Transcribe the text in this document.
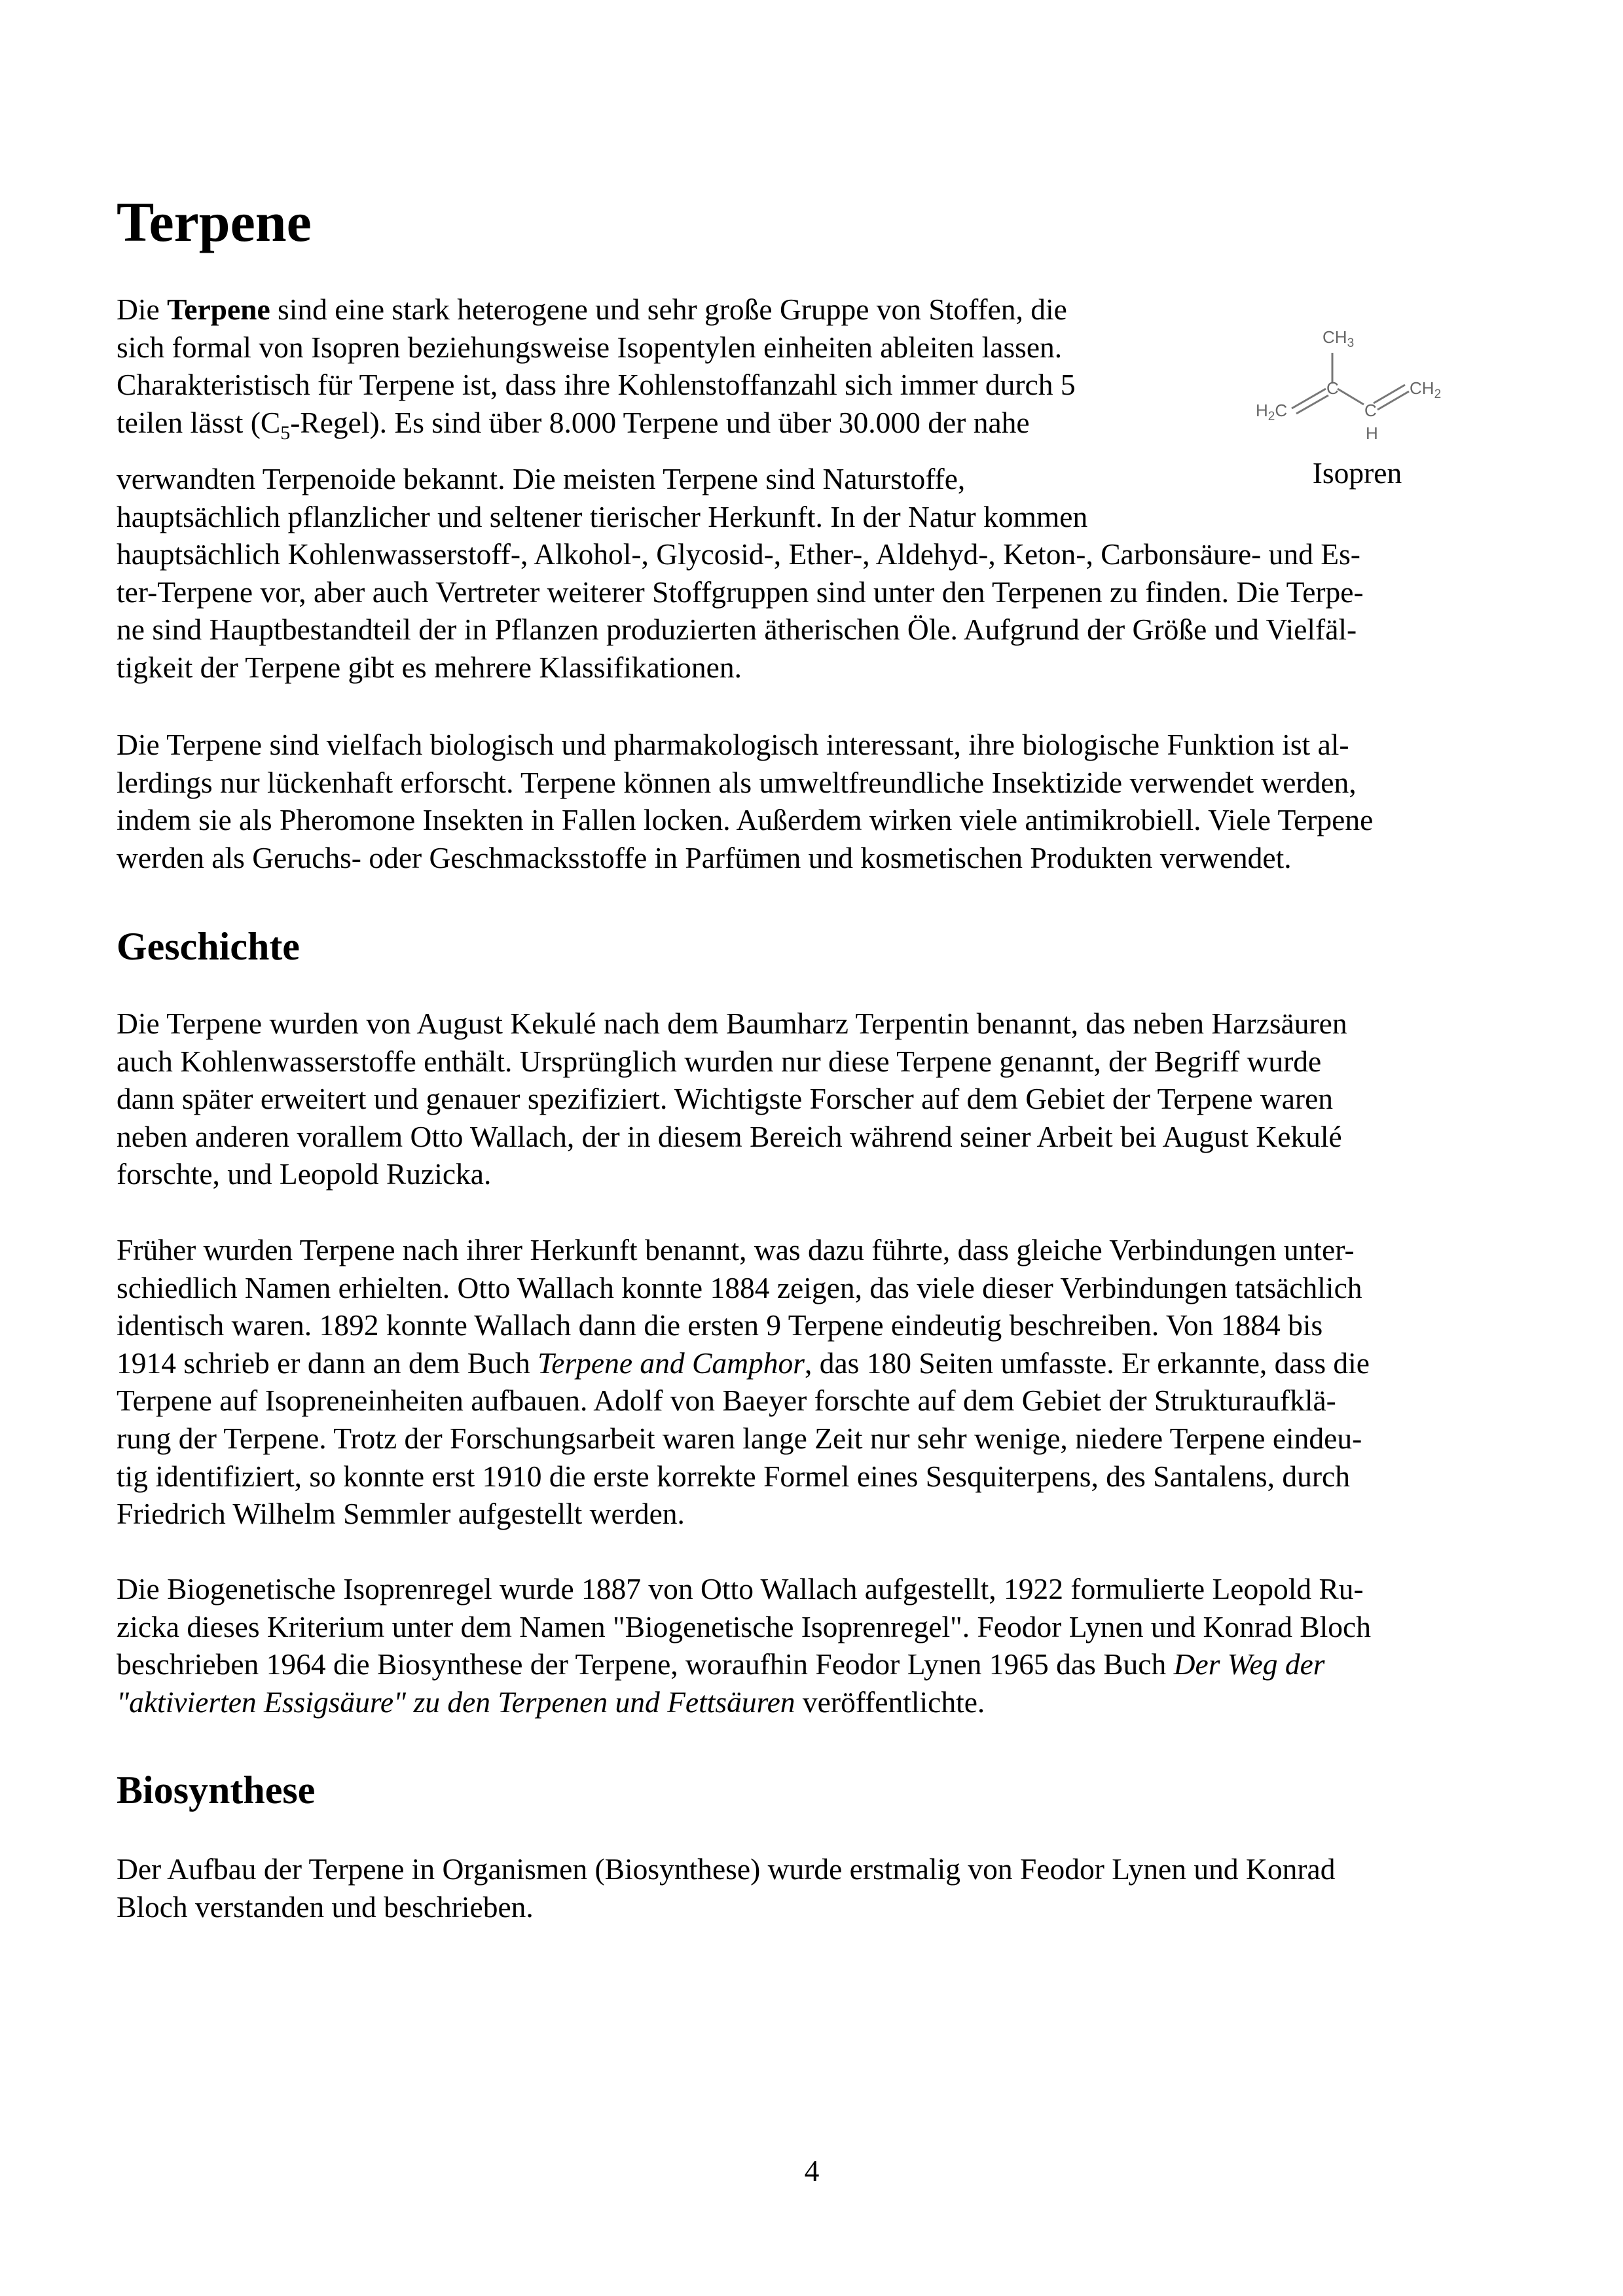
Terpene
Die Terpene sind eine stark heterogene und sehr große Gruppe von Stoffen, die
sich formal von Isopren beziehungsweise Isopentylen einheiten ableiten lassen.
Charakteristisch für Terpene ist, dass ihre Kohlenstoffanzahl sich immer durch 5
teilen lässt $(C_5-Regel)$. Es sind über 8.000 Terpene und über 30.000 der nahe
verwandten Terpenoide bekannt. Die meisten Terpene sind Naturstoffe,
hauptsächlich pflanzlicher und seltener tierischer Herkunft. In der Natur kommen
hauptsächlich Kohlenwasserstoff-, Alkohol-, Glycosid-, Ether-, Aldehyd-, Keton-, Carbonsäure- und Es-
ter-Terpene vor, aber auch Vertreter weiterer Stoffgruppen sind unter den Terpenen zu finden. Die Terpe-
ne sind Hauptbestandteil der in Pflanzen produzierten ätherischen Öle. Aufgrund der Größe und Vielfäl-
tigkeit der Terpene gibt es mehrere Klassifikationen.
$CH_3$
$H_2C$
C
C
$CH_2$
H
Isopren
Die Terpene sind vielfach biologisch und pharmakologisch interessant, ihre biologische Funktion ist al-
lerdings nur lückenhaft erforscht. Terpene können als umweltfreundliche Insektizide verwendet werden,
indem sie als Pheromone Insekten in Fallen locken. Außerdem wirken viele antimikrobiell. Viele Terpene
werden als Geruchs- oder Geschmacksstoffe in Parfümen und kosmetischen Produkten verwendet.
Geschichte
Die Terpene wurden von August Kekulé nach dem Baumharz Terpentin benannt, das neben Harzsäuren
auch Kohlenwasserstoffe enthält. Ursprünglich wurden nur diese Terpene genannt, der Begriff wurde
dann später erweitert und genauer spezifiziert. Wichtigste Forscher auf dem Gebiet der Terpene waren
neben anderen vorallem Otto Wallach, der in diesem Bereich während seiner Arbeit bei August Kekulé
forschte, und Leopold Ruzicka.
Früher wurden Terpene nach ihrer Herkunft benannt, was dazu führte, dass gleiche Verbindungen unter-
schiedlich Namen erhielten. Otto Wallach konnte 1884 zeigen, das viele dieser Verbindungen tatsächlich
identisch waren. 1892 konnte Wallach dann die ersten 9 Terpene eindeutig beschreiben. Von 1884 bis
1914 schrieb er dann an dem Buch Terpene and Camphor, das 180 Seiten umfasste. Er erkannte, dass die
Terpene auf Isopreneinheiten aufbauen. Adolf von Baeyer forschte auf dem Gebiet der Strukturaufklä-
rung der Terpene. Trotz der Forschungsarbeit waren lange Zeit nur sehr wenige, niedere Terpene eindeu-
tig identifiziert, so konnte erst 1910 die erste korrekte Formel eines Sesquiterpens, des Santalens, durch
Friedrich Wilhelm Semmler aufgestellt werden.
Die Biogenetische Isoprenregel wurde 1887 von Otto Wallach aufgestellt, 1922 formulierte Leopold Ru-
zicka dieses Kriterium unter dem Namen "Biogenetische Isoprenregel". Feodor Lynen und Konrad Bloch
beschrieben 1964 die Biosynthese der Terpene, woraufhin Feodor Lynen 1965 das Buch Der Weg der
"aktivierten Essigsäure" zu den Terpenen und Fettsäuren veröffentlichte.
Biosynthese
Der Aufbau der Terpene in Organismen (Biosynthese) wurde erstmalig von Feodor Lynen und Konrad
Bloch verstanden und beschrieben.
4
